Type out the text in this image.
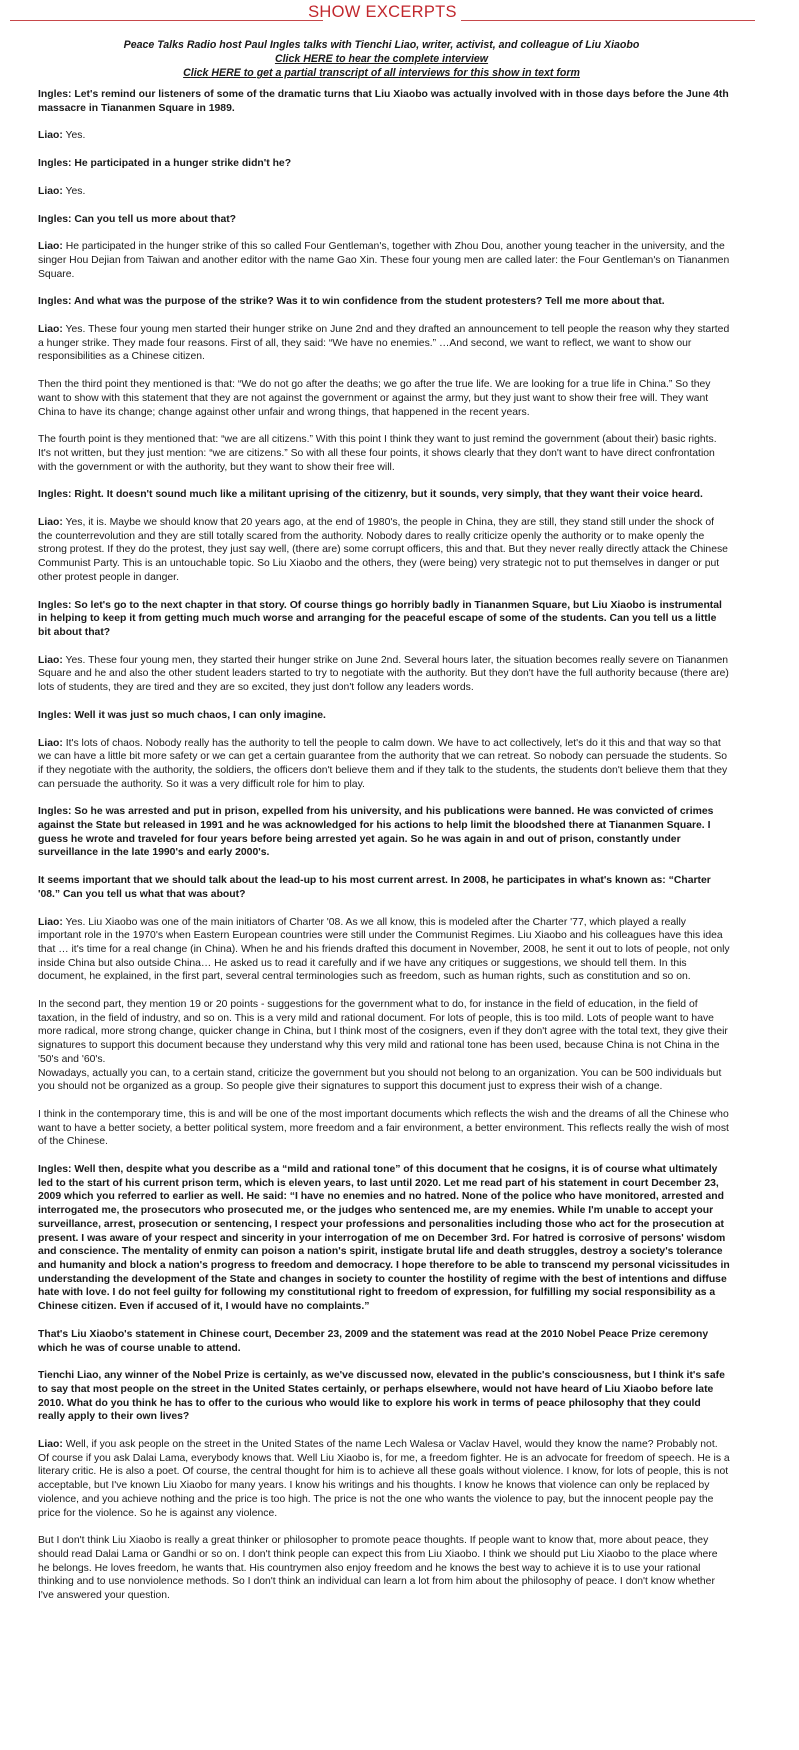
SHOW EXCERPTS
Peace Talks Radio host Paul Ingles talks with Tienchi Liao, writer, activist, and colleague of Liu Xiaobo
Click HERE to hear the complete interview
Click HERE to get a partial transcript of all interviews for this show in text form

Ingles: Let's remind our listeners of some of the dramatic turns that Liu Xiaobo was actually involved with in those days before the June 4th massacre in Tiananmen Square in 1989.

Liao: Yes.

Ingles: He participated in a hunger strike didn't he?

Liao: Yes.

Ingles: Can you tell us more about that?

Liao: He participated in the hunger strike of this so called Four Gentleman's, together with Zhou Dou, another young teacher in the university, and the singer Hou Dejian from Taiwan and another editor with the name Gao Xin. These four young men are called later: the Four Gentleman's on Tiananmen Square.

Ingles: And what was the purpose of the strike? Was it to win confidence from the student protesters? Tell me more about that.

Liao: Yes. These four young men started their hunger strike on June 2nd and they drafted an announcement to tell people the reason why they started a hunger strike. They made four reasons. First of all, they said: “We have no enemies.” …And second, we want to reflect, we want to show our responsibilities as a Chinese citizen.

Then the third point they mentioned is that: “We do not go after the deaths; we go after the true life. We are looking for a true life in China.” So they want to show with this statement that they are not against the government or against the army, but they just want to show their free will. They want China to have its change; change against other unfair and wrong things, that happened in the recent years.

The fourth point is they mentioned that: “we are all citizens.” With this point I think they want to just remind the government (about their) basic rights. It's not written, but they just mention: “we are citizens.” So with all these four points, it shows clearly that they don't want to have direct confrontation with the government or with the authority, but they want to show their free will.

Ingles: Right. It doesn't sound much like a militant uprising of the citizenry, but it sounds, very simply, that they want their voice heard.

Liao: Yes, it is. Maybe we should know that 20 years ago, at the end of 1980's, the people in China, they are still, they stand still under the shock of the counterrevolution and they are still totally scared from the authority. Nobody dares to really criticize openly the authority or to make openly the strong protest. If they do the protest, they just say well, (there are) some corrupt officers, this and that. But they never really directly attack the Chinese Communist Party. This is an untouchable topic. So Liu Xiaobo and the others, they (were being) very strategic not to put themselves in danger or put other protest people in danger.

Ingles: So let's go to the next chapter in that story. Of course things go horribly badly in Tiananmen Square, but Liu Xiaobo is instrumental in helping to keep it from getting much much worse and arranging for the peaceful escape of some of the students. Can you tell us a little bit about that?

Liao: Yes. These four young men, they started their hunger strike on June 2nd. Several hours later, the situation becomes really severe on Tiananmen Square and he and also the other student leaders started to try to negotiate with the authority. But they don't have the full authority because (there are) lots of students, they are tired and they are so excited, they just don't follow any leaders words.

Ingles: Well it was just so much chaos, I can only imagine.

Liao: It's lots of chaos. Nobody really has the authority to tell the people to calm down. We have to act collectively, let's do it this and that way so that we can have a little bit more safety or we can get a certain guarantee from the authority that we can retreat. So nobody can persuade the students. So if they negotiate with the authority, the soldiers, the officers don't believe them and if they talk to the students, the students don't believe them that they can persuade the authority. So it was a very difficult role for him to play.

Ingles: So he was arrested and put in prison, expelled from his university, and his publications were banned. He was convicted of crimes against the State but released in 1991 and he was acknowledged for his actions to help limit the bloodshed there at Tiananmen Square. I guess he wrote and traveled for four years before being arrested yet again. So he was again in and out of prison, constantly under surveillance in the late 1990's and early 2000's.

It seems important that we should talk about the lead-up to his most current arrest. In 2008, he participates in what's known as: “Charter '08.” Can you tell us what that was about?

Liao: Yes. Liu Xiaobo was one of the main initiators of Charter '08. As we all know, this is modeled after the Charter '77, which played a really important role in the 1970's when Eastern European countries were still under the Communist Regimes. Liu Xiaobo and his colleagues have this idea that … it's time for a real change (in China). When he and his friends drafted this document in November, 2008, he sent it out to lots of people, not only inside China but also outside China… He asked us to read it carefully and if we have any critiques or suggestions, we should tell them. In this document, he explained, in the first part, several central terminologies such as freedom, such as human rights, such as constitution and so on.

In the second part, they mention 19 or 20 points - suggestions for the government what to do, for instance in the field of education, in the field of taxation, in the field of industry, and so on. This is a very mild and rational document. For lots of people, this is too mild. Lots of people want to have more radical, more strong change, quicker change in China, but I think most of the cosigners, even if they don't agree with the total text, they give their signatures to support this document because they understand why this very mild and rational tone has been used, because China is not China in the '50's and '60's.
Nowadays, actually you can, to a certain stand, criticize the government but you should not belong to an organization. You can be 500 individuals but you should not be organized as a group. So people give their signatures to support this document just to express their wish of a change.

I think in the contemporary time, this is and will be one of the most important documents which reflects the wish and the dreams of all the Chinese who want to have a better society, a better political system, more freedom and a fair environment, a better environment. This reflects really the wish of most of the Chinese.

Ingles: Well then, despite what you describe as a “mild and rational tone” of this document that he cosigns, it is of course what ultimately led to the start of his current prison term, which is eleven years, to last until 2020. Let me read part of his statement in court December 23, 2009 which you referred to earlier as well. He said: “I have no enemies and no hatred. None of the police who have monitored, arrested and interrogated me, the prosecutors who prosecuted me, or the judges who sentenced me, are my enemies. While I'm unable to accept your surveillance, arrest, prosecution or sentencing, I respect your professions and personalities including those who act for the prosecution at present. I was aware of your respect and sincerity in your interrogation of me on December 3rd. For hatred is corrosive of persons' wisdom and conscience. The mentality of enmity can poison a nation's spirit, instigate brutal life and death struggles, destroy a society's tolerance and humanity and block a nation's progress to freedom and democracy. I hope therefore to be able to transcend my personal vicissitudes in understanding the development of the State and changes in society to counter the hostility of regime with the best of intentions and diffuse hate with love. I do not feel guilty for following my constitutional right to freedom of expression, for fulfilling my social responsibility as a Chinese citizen. Even if accused of it, I would have no complaints.”

That's Liu Xiaobo's statement in Chinese court, December 23, 2009 and the statement was read at the 2010 Nobel Peace Prize ceremony which he was of course unable to attend.

Tienchi Liao, any winner of the Nobel Prize is certainly, as we've discussed now, elevated in the public's consciousness, but I think it's safe to say that most people on the street in the United States certainly, or perhaps elsewhere, would not have heard of Liu Xiaobo before late 2010. What do you think he has to offer to the curious who would like to explore his work in terms of peace philosophy that they could really apply to their own lives?

Liao: Well, if you ask people on the street in the United States of the name Lech Walesa or Vaclav Havel, would they know the name? Probably not. Of course if you ask Dalai Lama, everybody knows that. Well Liu Xiaobo is, for me, a freedom fighter. He is an advocate for freedom of speech. He is a literary critic. He is also a poet. Of course, the central thought for him is to achieve all these goals without violence. I know, for lots of people, this is not acceptable, but I've known Liu Xiaobo for many years. I know his writings and his thoughts. I know he knows that violence can only be replaced by violence, and you achieve nothing and the price is too high. The price is not the one who wants the violence to pay, but the innocent people pay the price for the violence. So he is against any violence.

But I don't think Liu Xiaobo is really a great thinker or philosopher to promote peace thoughts. If people want to know that, more about peace, they should read Dalai Lama or Gandhi or so on. I don't think people can expect this from Liu Xiaobo. I think we should put Liu Xiaobo to the place where he belongs. He loves freedom, he wants that. His countrymen also enjoy freedom and he knows the best way to achieve it is to use your rational thinking and to use nonviolence methods. So I don't think an individual can learn a lot from him about the philosophy of peace. I don't know whether I've answered your question.
